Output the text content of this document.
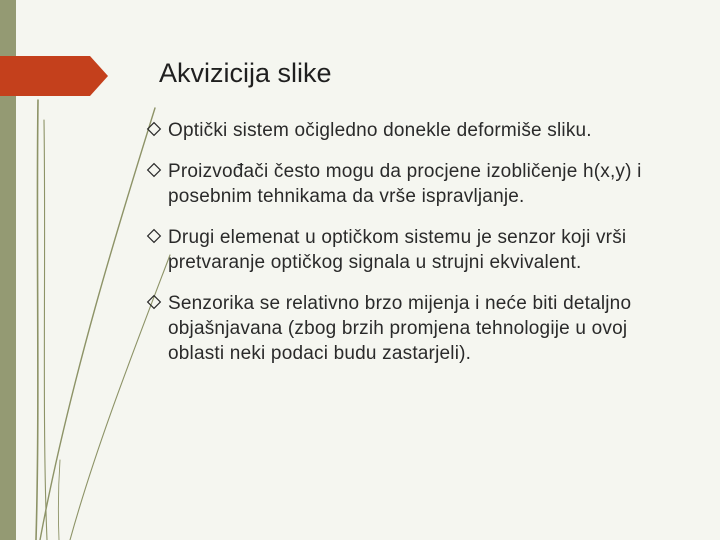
Akvizicija slike
Optički sistem očigledno donekle deformiše sliku.
Proizvođači često mogu da procjene izobličenje h(x,y) i posebnim tehnikama da vrše ispravljanje.
Drugi elemenat u optičkom sistemu je senzor koji vrši pretvaranje optičkog signala u strujni ekvivalent.
Senzorika se relativno brzo mijenja i neće biti detaljno objašnjavana (zbog brzih promjena tehnologije u ovoj oblasti neki podaci budu zastarjeli).
